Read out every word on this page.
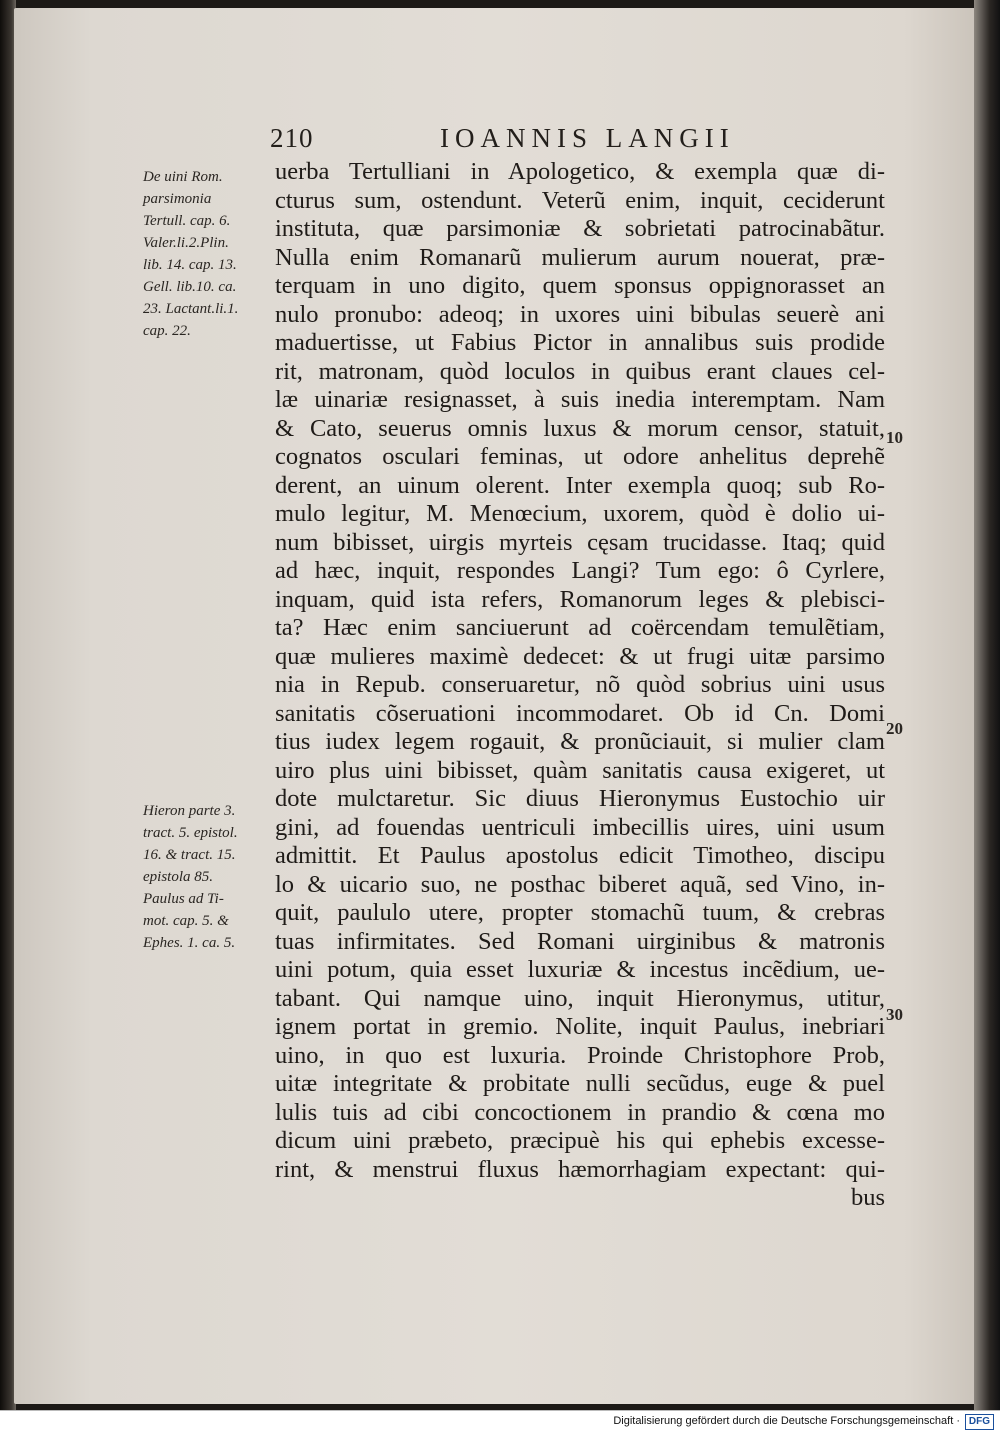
210	IOANNIS LANGII
De uini Rom.
parsimonia
Tertull. cap. 6.
Valer.li.2.Plin.
lib. 14. cap. 13.
Gell. lib.10. ca.
23. Lactant.li.1.
cap. 22.
Hieron parte 3.
tract. 5. epistol.
16. & tract. 15.
epistola 85.
Paulus ad Ti-
mot. cap. 5. &
Ephes. 1. ca. 5.
10
20
30
uerba Tertulliani in Apologetico, & exempla quæ di-
cturus sum, ostendunt. Veterũ enim, inquit, ceciderunt
instituta, quæ parsimoniæ & sobrietati patrocinabãtur.
Nulla enim Romanarũ mulierum aurum nouerat, præ-
terquam in uno digito, quem sponsus oppignorasset an
nulo pronubo: adeoq; in uxores uini bibulas seuerè ani
maduertisse, ut Fabius Pictor in annalibus suis prodide
rit, matronam, quòd loculos in quibus erant claues cel-
læ uinariæ resignasset, à suis inedia interemptam. Nam
& Cato, seuerus omnis luxus & morum censor, statuit,
cognatos osculari feminas, ut odore anhelitus deprehẽ
derent, an uinum olerent. Inter exempla quoq; sub Ro-
mulo legitur, M. Menœcium, uxorem, quòd è dolio ui-
num bibisset, uirgis myrteis cęsam trucidasse. Itaq; quid
ad hæc, inquit, respondes Langi? Tum ego: ô Cyrlere,
inquam, quid ista refers, Romanorum leges & plebisci-
ta? Hæc enim sanciuerunt ad coërcendam temulẽtiam,
quæ mulieres maximè dedecet: & ut frugi uitæ parsimo
nia in Repub. conseruaretur, nõ quòd sobrius uini usus
sanitatis cõseruationi incommodaret. Ob id Cn. Domi
tius iudex legem rogauit, & pronũciauit, si mulier clam
uiro plus uini bibisset, quàm sanitatis causa exigeret, ut
dote mulctaretur. Sic diuus Hieronymus Eustochio uir
gini, ad fouendas uentriculi imbecillis uires, uini usum
admittit. Et Paulus apostolus edicit Timotheo, discipu
lo & uicario suo, ne posthac biberet aquã, sed Vino, in-
quit, paululo utere, propter stomachũ tuum, & crebras
tuas infirmitates. Sed Romani uirginibus & matronis
uini potum, quia esset luxuriæ & incestus incẽdium, ue-
tabant. Qui namque uino, inquit Hieronymus, utitur,
ignem portat in gremio. Nolite, inquit Paulus, inebriari
uino, in quo est luxuria. Proinde Christophore Prob,
uitæ integritate & probitate nulli secũdus, euge & puel
lulis tuis ad cibi concoctionem in prandio & cœna mo
dicum uini præbeto, præcipuè his qui ephebis excesse-
rint, & menstrui fluxus hæmorrhagiam expectant: qui-
bus
Digitalisierung gefördert durch die Deutsche Forschungsgemeinschaft · DFG
